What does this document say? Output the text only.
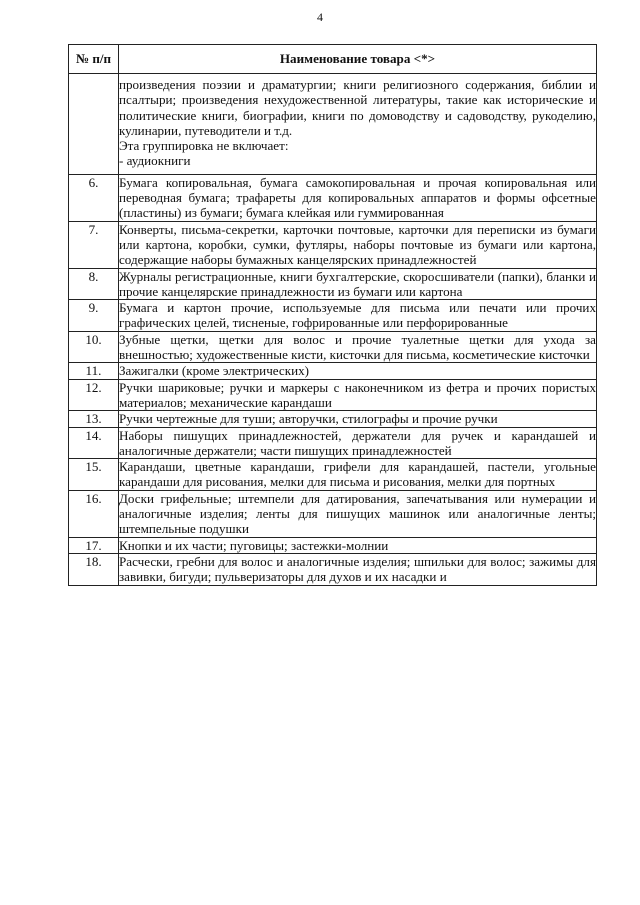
4
№ п/п	Наименование товара <*>

	произведения поэзии и драматургии; книги религиозного содержания, библии и псалтыри; произведения нехудожественной литературы, такие как исторические и политические книги, биографии, книги по домоводству и садоводству, рукоделию, кулинарии, путеводители и т.д.
Эта группировка не включает:
- аудиокниги

6.	Бумага копировальная, бумага самокопировальная и прочая копировальная или переводная бумага; трафареты для копировальных аппаратов и формы офсетные (пластины) из бумаги; бумага клейкая или гуммированная
7.	Конверты, письма-секретки, карточки почтовые, карточки для переписки из бумаги или картона, коробки, сумки, футляры, наборы почтовые из бумаги или картона, содержащие наборы бумажных канцелярских принадлежностей
8.	Журналы регистрационные, книги бухгалтерские, скоросшиватели (папки), бланки и прочие канцелярские принадлежности из бумаги или картона
9.	Бумага и картон прочие, используемые для письма или печати или прочих графических целей, тисненые, гофрированные или перфорированные
10.	Зубные щетки, щетки для волос и прочие туалетные щетки для ухода за внешностью; художественные кисти, кисточки для письма, косметические кисточки
11.	Зажигалки (кроме электрических)
12.	Ручки шариковые; ручки и маркеры с наконечником из фетра и прочих пористых материалов; механические карандаши
13.	Ручки чертежные для туши; авторучки, стилографы и прочие ручки
14.	Наборы пишущих принадлежностей, держатели для ручек и карандашей и аналогичные держатели; части пишущих принадлежностей
15.	Карандаши, цветные карандаши, грифели для карандашей, пастели, угольные карандаши для рисования, мелки для письма и рисования, мелки для портных
16.	Доски грифельные; штемпели для датирования, запечатывания или нумерации и аналогичные изделия; ленты для пишущих машинок или аналогичные ленты; штемпельные подушки
17.	Кнопки и их части; пуговицы; застежки-молнии
18.	Расчески, гребни для волос и аналогичные изделия; шпильки для волос; зажимы для завивки, бигуди; пульверизаторы для духов и их насадки и
